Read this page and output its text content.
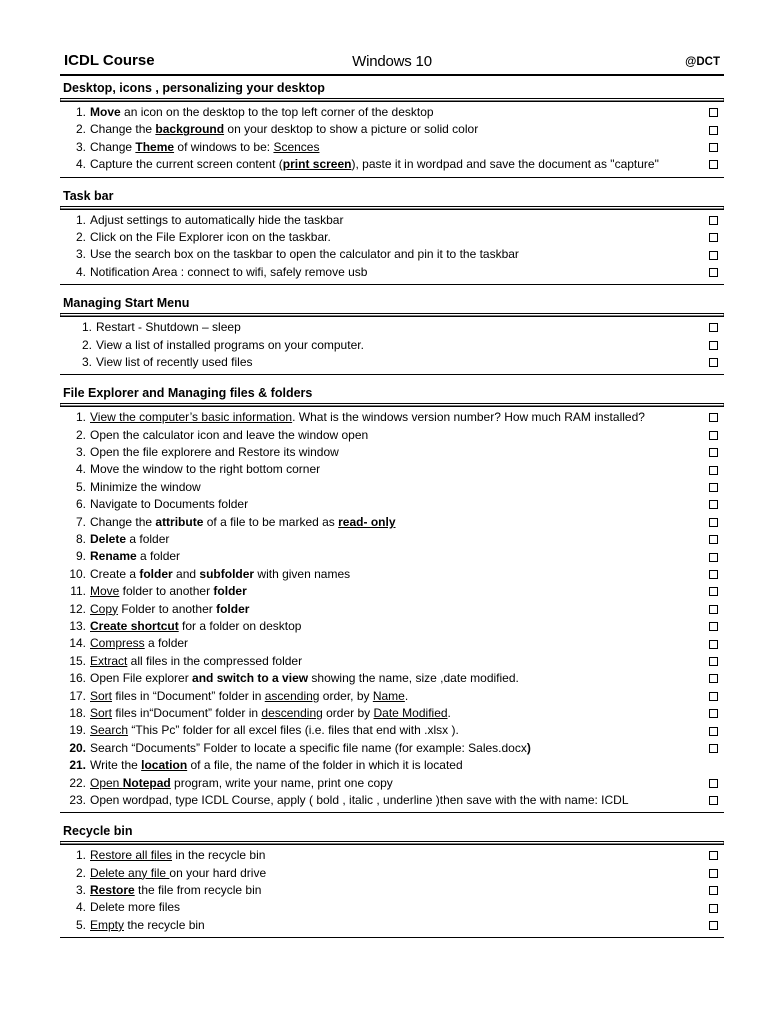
ICDL Course	Windows 10	@DCT
Desktop, icons , personalizing your desktop
1. Move an icon on the desktop to the top left corner of the desktop
2. Change the background on your desktop to show a picture or solid color
3. Change Theme of windows to be: Scences
4. Capture the current screen content (print screen), paste it in wordpad and save the document as "capture"
Task bar
1. Adjust settings to automatically hide the taskbar
2. Click on the File Explorer icon on the taskbar.
3. Use the search box on the taskbar to open the calculator and pin it to the taskbar
4. Notification Area : connect to wifi, safely remove usb
Managing Start Menu
1. Restart - Shutdown – sleep
2. View a list of installed programs on your computer.
3. View list of recently used files
File Explorer and Managing files & folders
1. View the computer’s basic information. What is the windows version number? How much RAM installed?
2. Open the calculator icon and leave the window open
3. Open the file explorere and Restore its window
4. Move the window to the right bottom corner
5. Minimize the window
6. Navigate to Documents folder
7. Change the attribute of a file to be marked as read- only
8. Delete a folder
9. Rename a folder
10. Create a folder and subfolder with given names
11. Move folder to another folder
12. Copy Folder to another folder
13. Create shortcut for a folder on desktop
14. Compress a folder
15. Extract all files in the compressed folder
16. Open File explorer and switch to a view showing the name, size ,date modified.
17. Sort files in “Document” folder in ascending order, by Name.
18. Sort files in“Document” folder in descending order by Date Modified.
19. Search “This Pc” folder for all excel files (i.e. files that end with .xlsx ).
20. Search “Documents” Folder to locate a specific file name (for example: Sales.docx)
21. Write the location of a file, the name of the folder in which it is located
22. Open Notepad program, write your name, print one copy
23. Open wordpad, type ICDL Course, apply ( bold , italic , underline )then save with the with name: ICDL
Recycle bin
1. Restore all files in the recycle bin
2. Delete any file on your hard drive
3. Restore the file from recycle bin
4. Delete more files
5. Empty the recycle bin
